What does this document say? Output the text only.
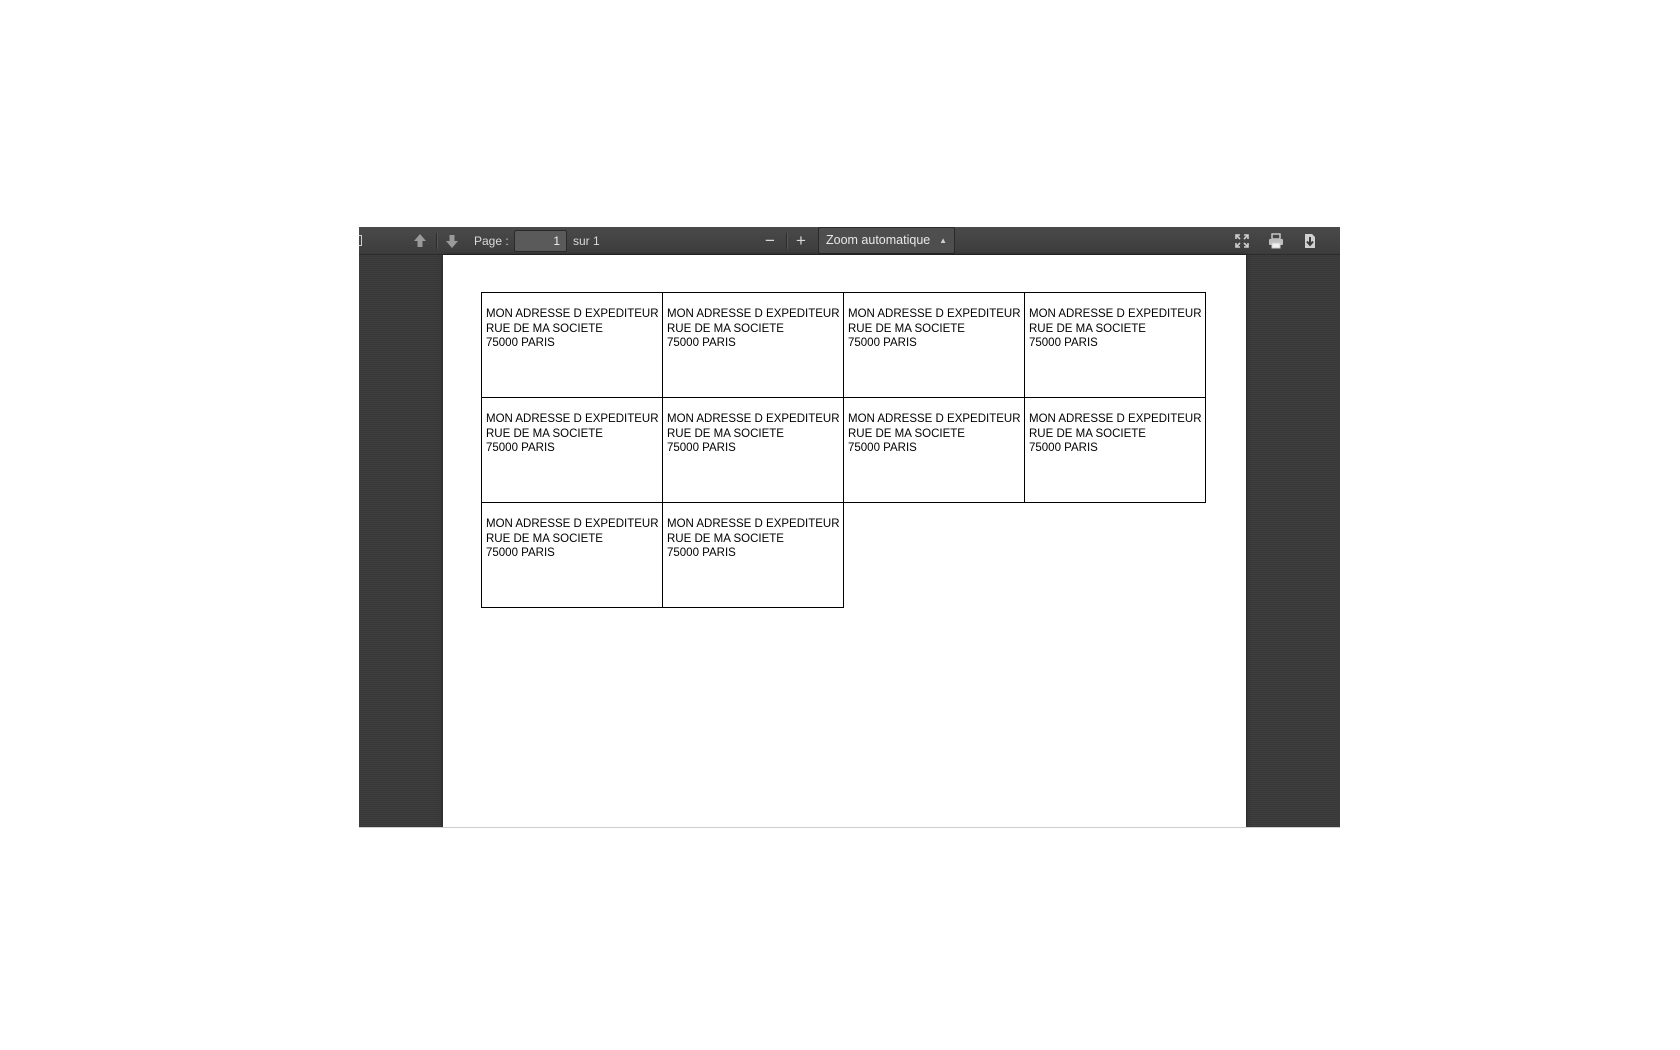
Page :	1	sur 1	−	+	Zoom automatique ▲

MON ADRESSE D EXPEDITEUR
RUE DE MA SOCIETE
75000 PARIS
MON ADRESSE D EXPEDITEUR
RUE DE MA SOCIETE
75000 PARIS
MON ADRESSE D EXPEDITEUR
RUE DE MA SOCIETE
75000 PARIS
MON ADRESSE D EXPEDITEUR
RUE DE MA SOCIETE
75000 PARIS
MON ADRESSE D EXPEDITEUR
RUE DE MA SOCIETE
75000 PARIS
MON ADRESSE D EXPEDITEUR
RUE DE MA SOCIETE
75000 PARIS
MON ADRESSE D EXPEDITEUR
RUE DE MA SOCIETE
75000 PARIS
MON ADRESSE D EXPEDITEUR
RUE DE MA SOCIETE
75000 PARIS
MON ADRESSE D EXPEDITEUR
RUE DE MA SOCIETE
75000 PARIS
MON ADRESSE D EXPEDITEUR
RUE DE MA SOCIETE
75000 PARIS
